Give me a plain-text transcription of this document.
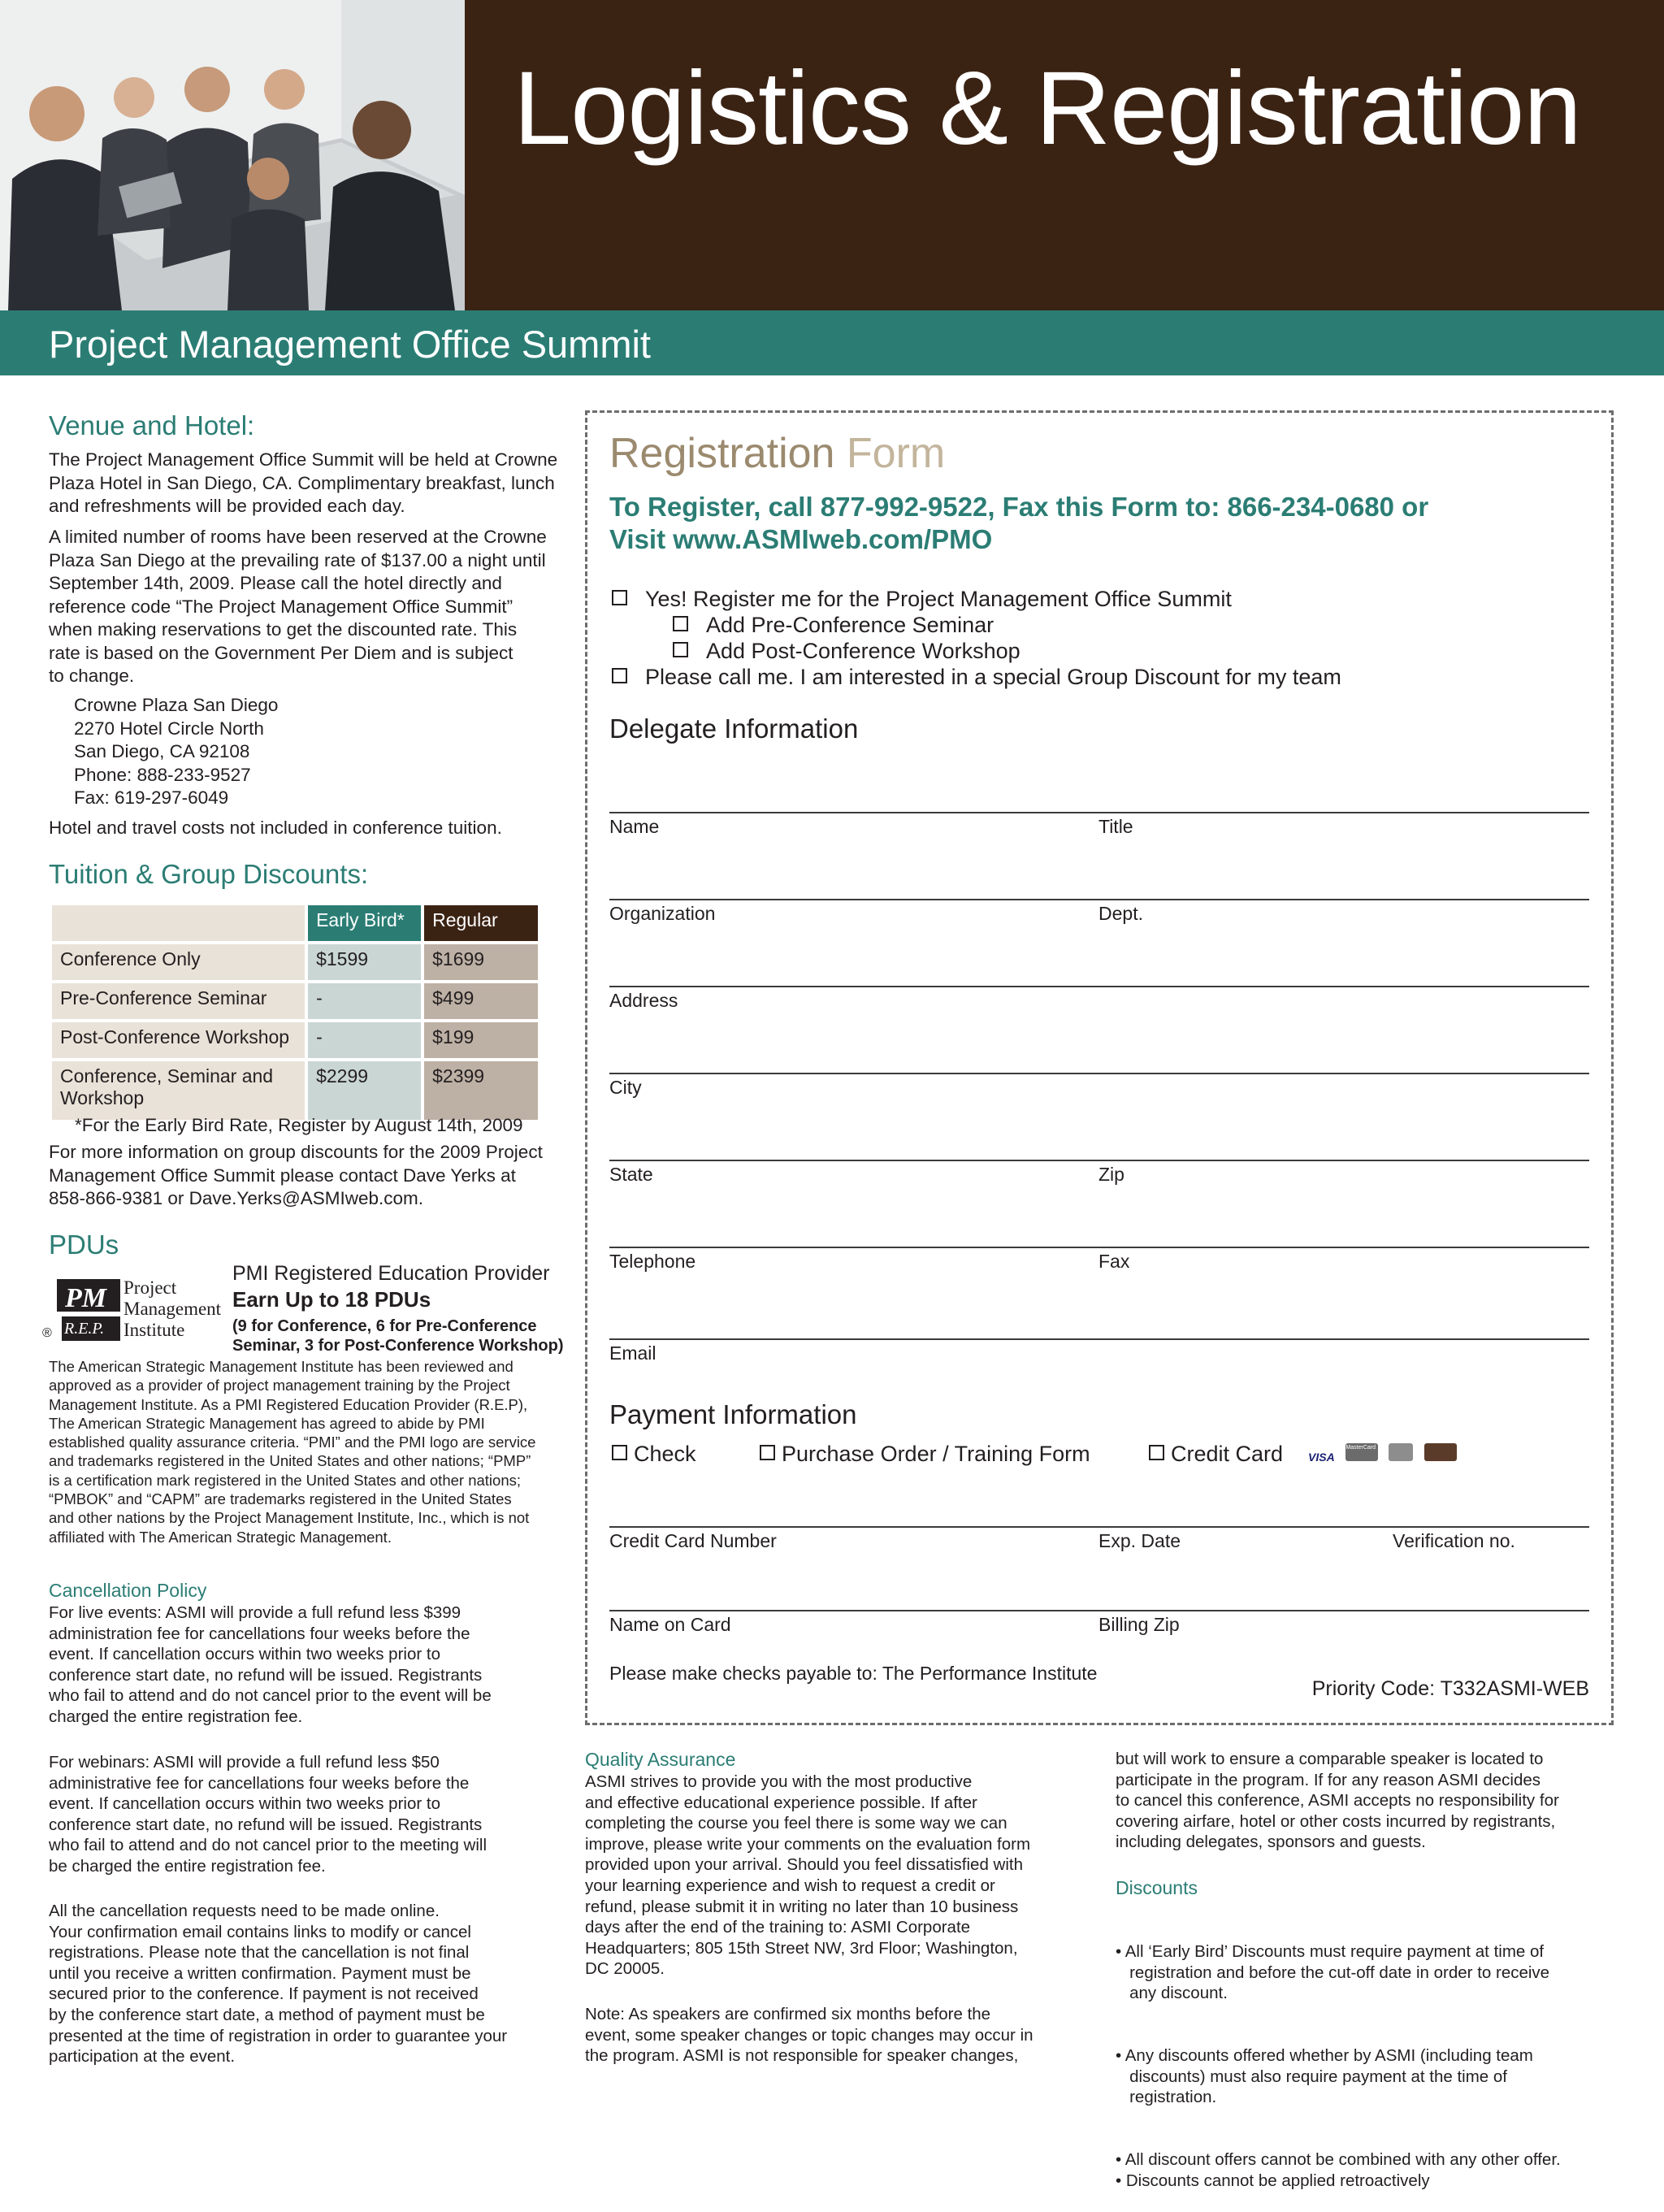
Logistics & Registration
Project Management Office Summit
Venue and Hotel:
The Project Management Office Summit will be held at Crowne
Plaza Hotel in San Diego, CA. Complimentary breakfast, lunch
and refreshments will be provided each day.
A limited number of rooms have been reserved at the Crowne
Plaza San Diego at the prevailing rate of $137.00 a night until
September 14th, 2009. Please call the hotel directly and
reference code “The Project Management Office Summit”
when making reservations to get the discounted rate. This
rate is based on the Government Per Diem and is subject
to change.
Crowne Plaza San Diego
2270 Hotel Circle North
San Diego, CA 92108
Phone: 888-233-9527
Fax: 619-297-6049
Hotel and travel costs not included in conference tuition.
Tuition & Group Discounts:
	Early Bird*	Regular
Conference Only	$1599	$1699
Pre-Conference Seminar	-	$499
Post-Conference Workshop	-	$199
Conference, Seminar and Workshop	$2299	$2399
*For the Early Bird Rate, Register by August 14th, 2009
For more information on group discounts for the 2009 Project
Management Office Summit please contact Dave Yerks at
858-866-9381 or Dave.Yerks@ASMIweb.com.
PDUs
PM
R.E.P.
®
Project
Management
Institute
PMI Registered Education Provider
Earn Up to 18 PDUs
(9 for Conference, 6 for Pre-Conference
Seminar, 3 for Post-Conference Workshop)
The American Strategic Management Institute has been reviewed and
approved as a provider of project management training by the Project
Management Institute. As a PMI Registered Education Provider (R.E.P),
The American Strategic Management has agreed to abide by PMI
established quality assurance criteria. “PMI” and the PMI logo are service
and trademarks registered in the United States and other nations; “PMP”
is a certification mark registered in the United States and other nations;
“PMBOK” and “CAPM” are trademarks registered in the United States
and other nations by the Project Management Institute, Inc., which is not
affiliated with The American Strategic Management.
Cancellation Policy
For live events: ASMI will provide a full refund less $399
administration fee for cancellations four weeks before the
event. If cancellation occurs within two weeks prior to
conference start date, no refund will be issued. Registrants
who fail to attend and do not cancel prior to the event will be
charged the entire registration fee.
For webinars: ASMI will provide a full refund less $50
administrative fee for cancellations four weeks before the
event. If cancellation occurs within two weeks prior to
conference start date, no refund will be issued. Registrants
who fail to attend and do not cancel prior to the meeting will
be charged the entire registration fee.
All the cancellation requests need to be made online.
Your confirmation email contains links to modify or cancel
registrations. Please note that the cancellation is not final
until you receive a written confirmation. Payment must be
secured prior to the conference. If payment is not received
by the conference start date, a method of payment must be
presented at the time of registration in order to guarantee your
participation at the event.
Registration Form
To Register, call 877-992-9522, Fax this Form to: 866-234-0680 or
Visit www.ASMIweb.com/PMO
Yes! Register me for the Project Management Office Summit
Add Pre-Conference Seminar
Add Post-Conference Workshop
Please call me. I am interested in a special Group Discount for my team
Delegate Information
Name	Title
Organization	Dept.
Address
City
State	Zip
Telephone	Fax
Email
Payment Information
Check	Purchase Order / Training Form	Credit Card VISA $^{MasterCard}$
Credit Card Number	Exp. Date	Verification no.
Name on Card	Billing Zip
Please make checks payable to: The Performance Institute
Priority Code: T332ASMI-WEB
Quality Assurance
ASMI strives to provide you with the most productive
and effective educational experience possible. If after
completing the course you feel there is some way we can
improve, please write your comments on the evaluation form
provided upon your arrival. Should you feel dissatisfied with
your learning experience and wish to request a credit or
refund, please submit it in writing no later than 10 business
days after the end of the training to: ASMI Corporate
Headquarters; 805 15th Street NW, 3rd Floor; Washington,
DC 20005.
Note: As speakers are confirmed six months before the
event, some speaker changes or topic changes may occur in
the program. ASMI is not responsible for speaker changes,
but will work to ensure a comparable speaker is located to
participate in the program. If for any reason ASMI decides
to cancel this conference, ASMI accepts no responsibility for
covering airfare, hotel or other costs incurred by registrants,
including delegates, sponsors and guests.
Discounts

• All ‘Early Bird’ Discounts must require payment at time of
registration and before the cut-off date in order to receive
any discount.

• Any discounts offered whether by ASMI (including team
discounts) must also require payment at the time of
registration.

• All discount offers cannot be combined with any other offer.
• Discounts cannot be applied retroactively
